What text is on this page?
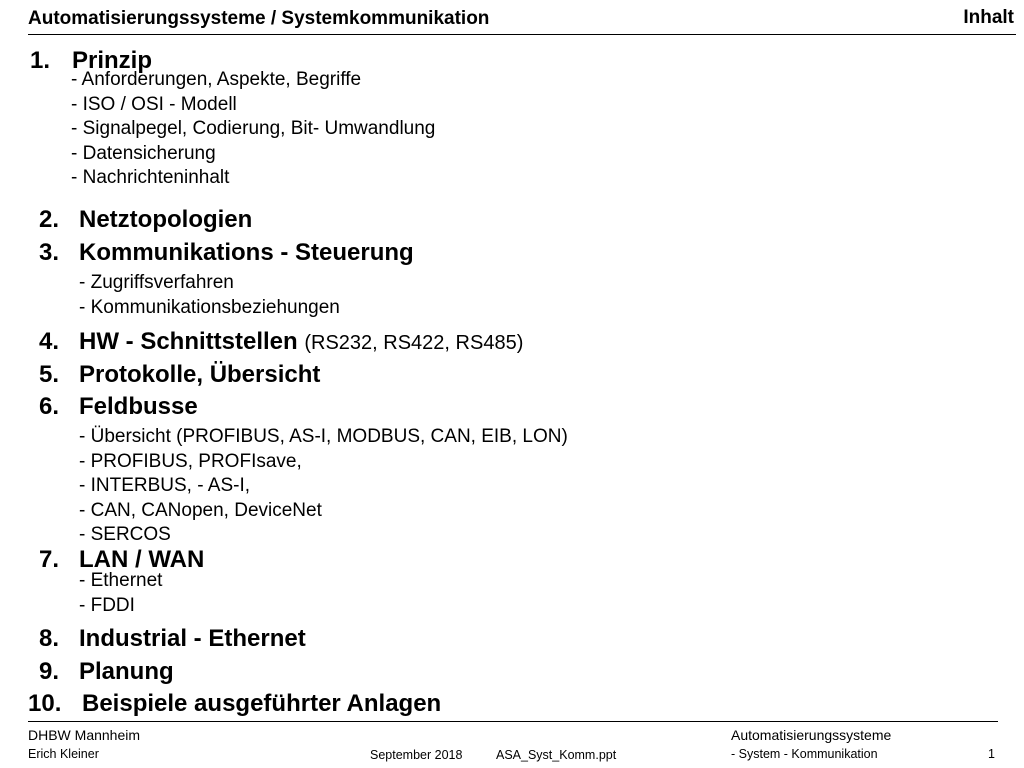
Automatisierungssysteme / Systemkommunikation	Inhalt
1. Prinzip
- Anforderungen, Aspekte, Begriffe
- ISO / OSI - Modell
- Signalpegel, Codierung, Bit- Umwandlung
- Datensicherung
- Nachrichteninhalt
2. Netztopologien
3. Kommunikations - Steuerung
- Zugriffsverfahren
- Kommunikationsbeziehungen
4. HW - Schnittstellen (RS232, RS422, RS485)
5. Protokolle, Übersicht
6. Feldbusse
- Übersicht (PROFIBUS, AS-I, MODBUS, CAN, EIB, LON)
- PROFIBUS, PROFIsave,
- INTERBUS, - AS-I,
- CAN, CANopen, DeviceNet
- SERCOS
7. LAN / WAN
- Ethernet
- FDDI
8. Industrial - Ethernet
9. Planung
10. Beispiele ausgeführter Anlagen
DHBW Mannheim
Erich Kleiner	September 2018	ASA_Syst_Komm.ppt
Automatisierungssysteme
- System - Kommunikation	1
